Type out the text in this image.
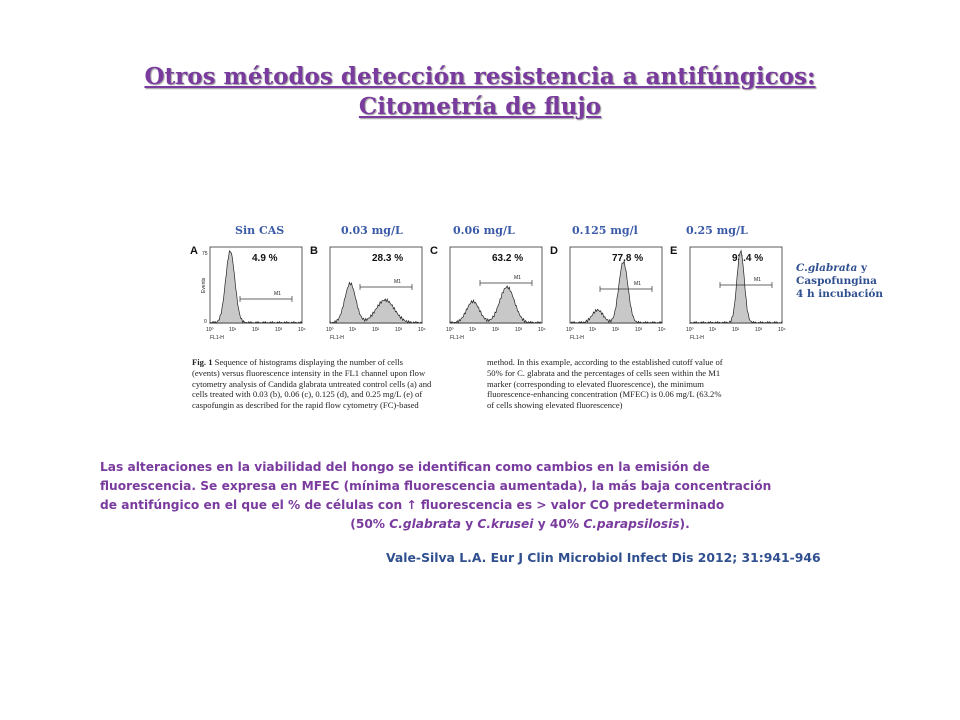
Otros métodos detección resistencia a antifúngicos:
Citometría de flujo
Sin CAS	0.03 mg/L	0.06 mg/L	0.125 mg/l	0.25 mg/L
A
4.9 %
M1
10⁰	10¹	10²	10³	10⁴
FL1-H
Events
75
0
B
28.3 %
M1
10⁰	10¹	10²	10³	10⁴
FL1-H
C
63.2 %
M1
10⁰	10¹	10²	10³	10⁴
FL1-H
D
77.8 %
M1
10⁰	10¹	10²	10³	10⁴
FL1-H
E
93.4 %
M1
10⁰	10¹	10²	10³	10⁴
FL1-H
Fig. 1 Sequence of histograms displaying the number of cells
(events) versus fluorescence intensity in the FL1 channel upon flow
cytometry analysis of Candida glabrata untreated control cells (a) and
cells treated with 0.03 (b), 0.06 (c), 0.125 (d), and 0.25 mg/L (e) of
caspofungin as described for the rapid flow cytometry (FC)-based
method. In this example, according to the established cutoff value of
50% for C. glabrata and the percentages of cells seen within the M1
marker (corresponding to elevated fluorescence), the minimum
fluorescence-enhancing concentration (MFEC) is 0.06 mg/L (63.2%
of cells showing elevated fluorescence)
C.glabrata y
Caspofungina
4 h incubación
Las alteraciones en la viabilidad del hongo se identifican como cambios en la emisión de
fluorescencia. Se expresa en MFEC (mínima fluorescencia aumentada), la más baja concentración
de antifúngico en el que el % de células con ↑ fluorescencia es > valor CO predeterminado
(50% C.glabrata y C.krusei y 40% C.parapsilosis).
Vale-Silva L.A. Eur J Clin Microbiol Infect Dis 2012; 31:941-946
